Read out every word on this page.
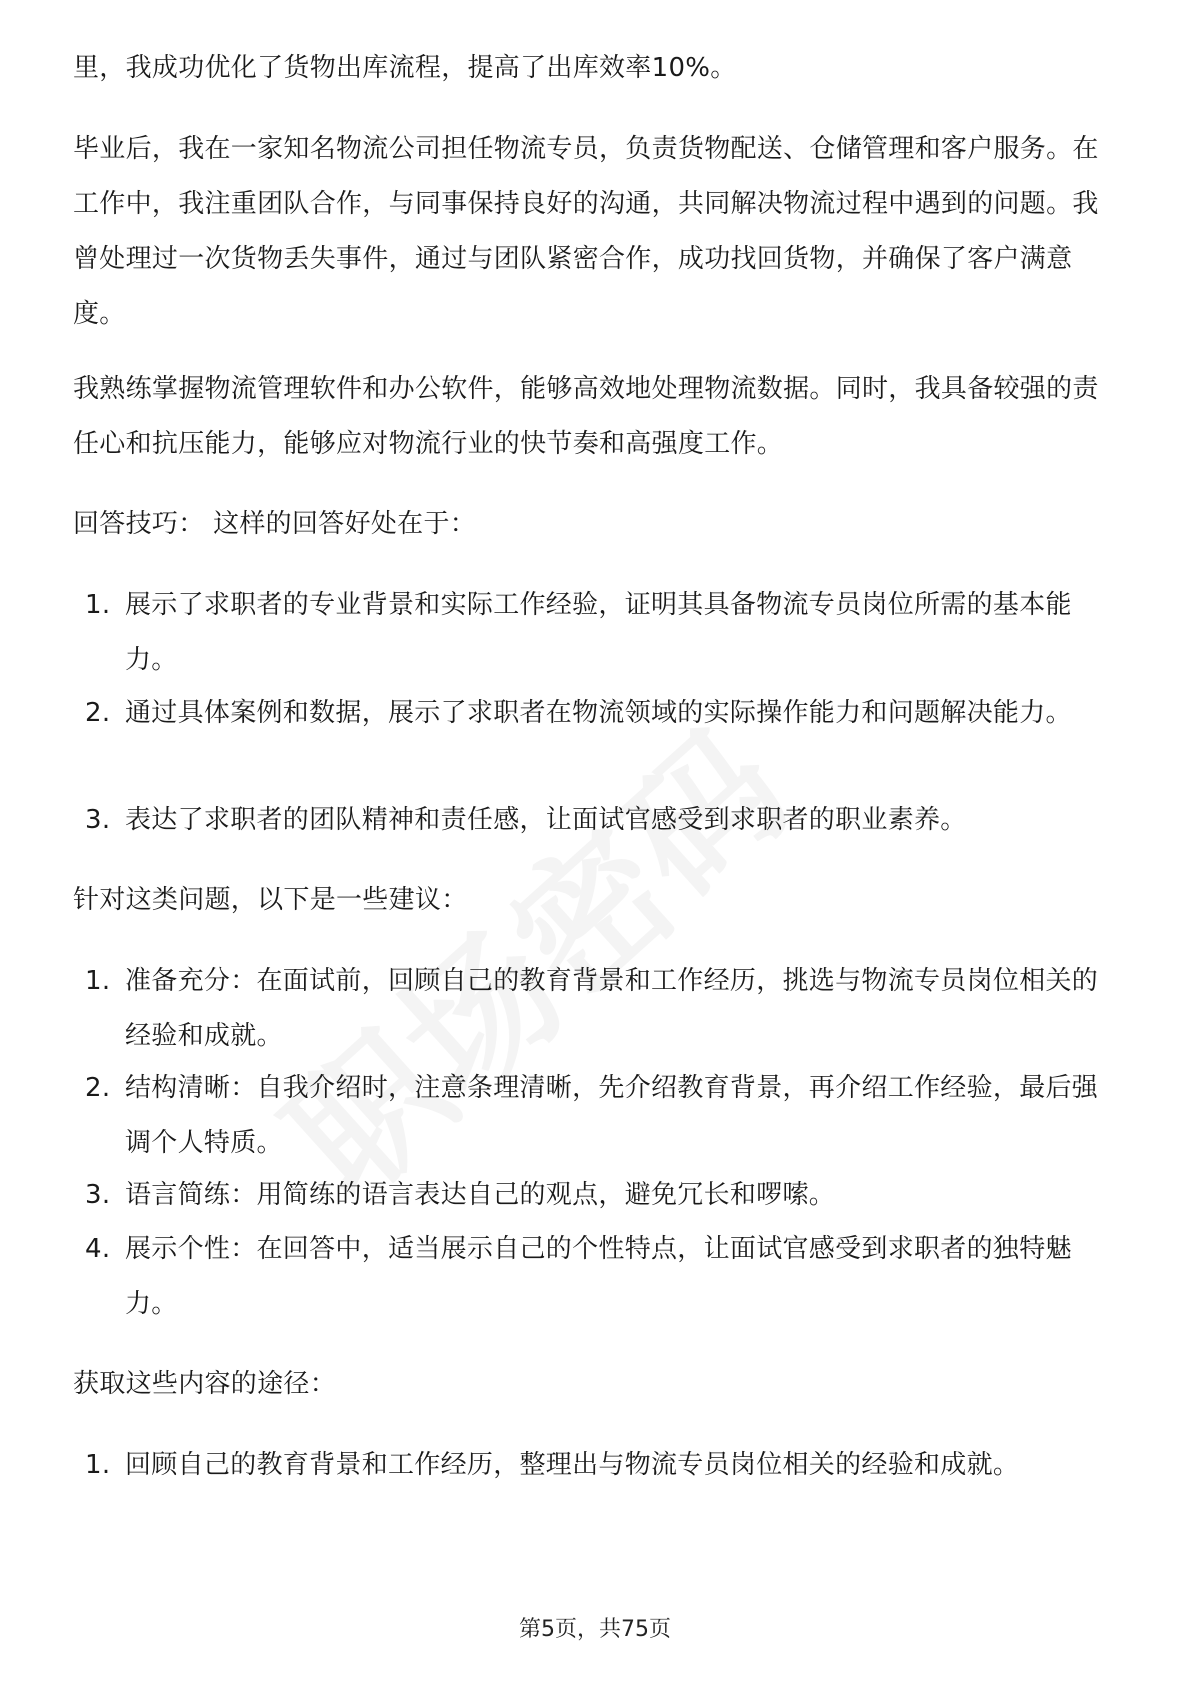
里，我成功优化了货物出库流程，提高了出库效率10%。

毕业后，我在一家知名物流公司担任物流专员，负责货物配送、仓储管理和客户服务。在工作中，我注重团队合作，与同事保持良好的沟通，共同解决物流过程中遇到的问题。我曾处理过一次货物丢失事件，通过与团队紧密合作，成功找回货物，并确保了客户满意度。

我熟练掌握物流管理软件和办公软件，能够高效地处理物流数据。同时，我具备较强的责任心和抗压能力，能够应对物流行业的快节奏和高强度工作。

回答技巧： 这样的回答好处在于：

1. 展示了求职者的专业背景和实际工作经验，证明其具备物流专员岗位所需的基本能力。
2. 通过具体案例和数据，展示了求职者在物流领域的实际操作能力和问题解决能力。
3. 表达了求职者的团队精神和责任感，让面试官感受到求职者的职业素养。

针对这类问题，以下是一些建议：

1. 准备充分：在面试前，回顾自己的教育背景和工作经历，挑选与物流专员岗位相关的经验和成就。
2. 结构清晰：自我介绍时，注意条理清晰，先介绍教育背景，再介绍工作经验，最后强调个人特质。
3. 语言简练：用简练的语言表达自己的观点，避免冗长和啰嗦。
4. 展示个性：在回答中，适当展示自己的个性特点，让面试官感受到求职者的独特魅力。

获取这些内容的途径：

1. 回顾自己的教育背景和工作经历，整理出与物流专员岗位相关的经验和成就。
第5页，共75页
